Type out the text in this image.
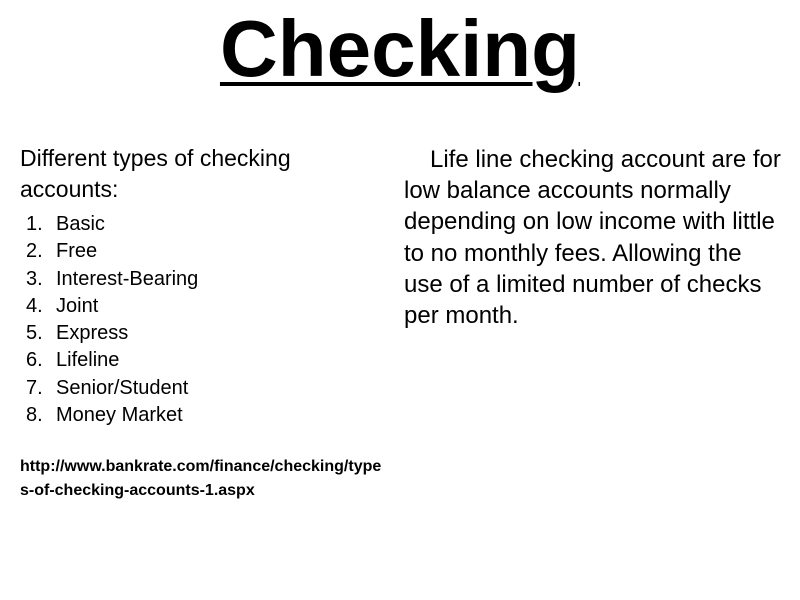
Checking

Different types of checking accounts:

1. Basic
2. Free
3. Interest-Bearing
4. Joint
5. Express
6. Lifeline
7. Senior/Student
8. Money Market
http://www.bankrate.com/finance/checking/types-of-checking-accounts-1.aspx

Life line checking account are for low balance accounts normally depending on low income with little to no monthly fees. Allowing the use of a limited number of checks per month.
